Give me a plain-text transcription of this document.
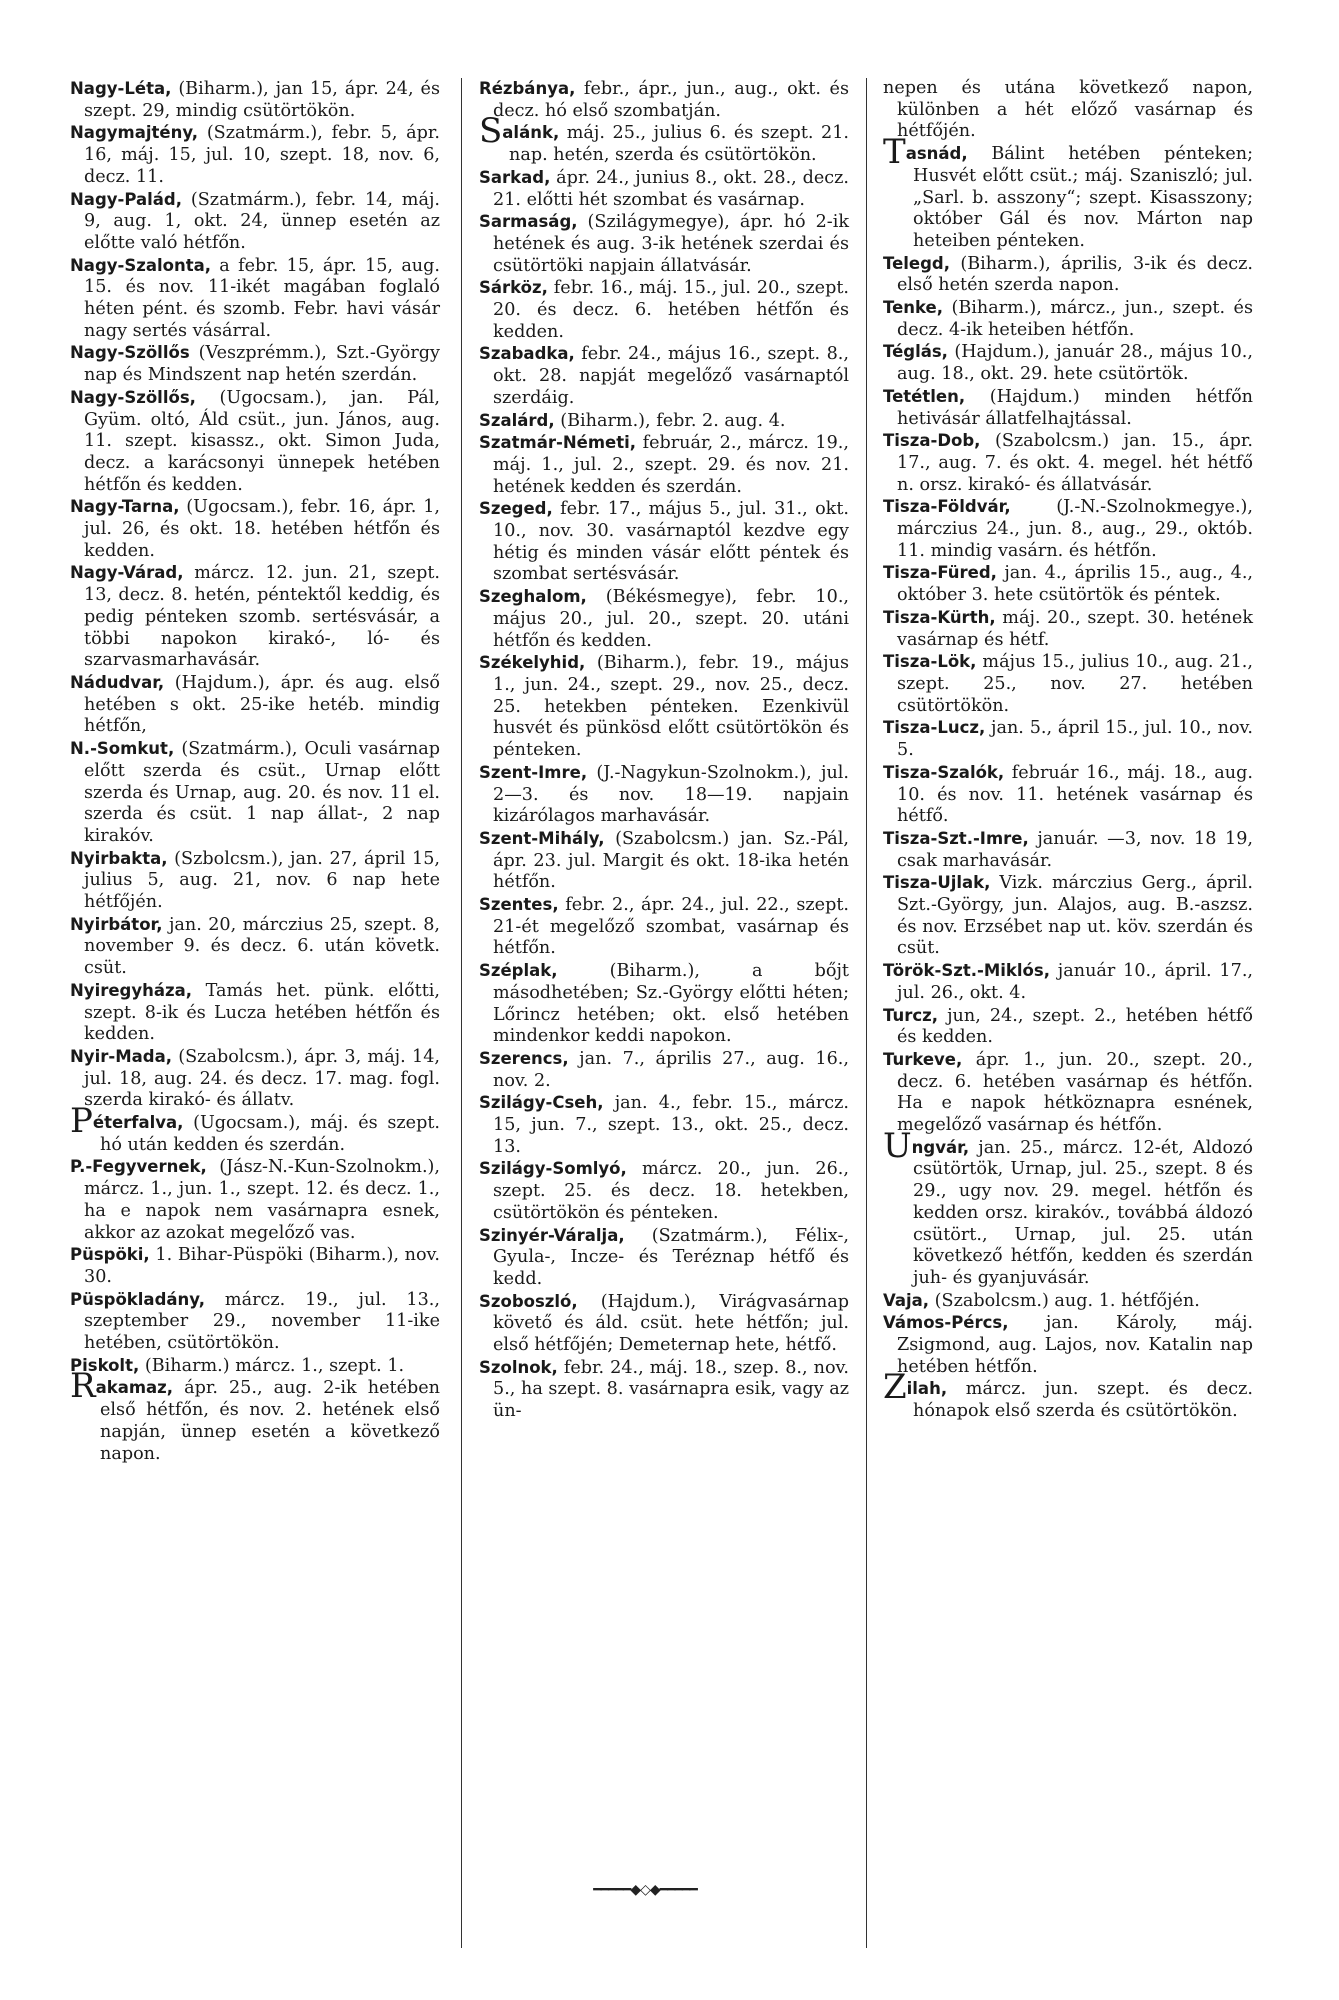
Nagy-Léta, (Biharm.), jan 15, ápr. 24, és szept. 29, mindig csütörtökön.

Nagymajtény, (Szatmárm.), febr. 5, ápr. 16, máj. 15, jul. 10, szept. 18, nov. 6, decz. 11.

Nagy-Palád, (Szatmárm.), febr. 14, máj. 9, aug. 1, okt. 24, ünnep esetén az előtte való hétfőn.

Nagy-Szalonta, a febr. 15, ápr. 15, aug. 15. és nov. 11-ikét magában foglaló héten pént. és szomb. Febr. havi vásár nagy sertés vásárral.

Nagy-Szöllős (Veszprémm.), Szt.-György nap és Mindszent nap hetén szerdán.

Nagy-Szöllős, (Ugocsam.), jan. Pál, Gyüm. oltó, Áld csüt., jun. János, aug. 11. szept. kisassz., okt. Simon Juda, decz. a karácsonyi ünnepek hetében hétfőn és kedden.

Nagy-Tarna, (Ugocsam.), febr. 16, ápr. 1, jul. 26, és okt. 18. hetében hétfőn és kedden.

Nagy-Várad, márcz. 12. jun. 21, szept. 13, decz. 8. hetén, péntektől keddig, és pedig pénteken szomb. sertésvásár, a többi napokon kirakó-, ló- és szarvasmarhavásár.

Nádudvar, (Hajdum.), ápr. és aug. első hetében s okt. 25-ike hetéb. mindig hétfőn,

N.-Somkut, (Szatmárm.), Oculi vasárnap előtt szerda és csüt., Urnap előtt szerda és Urnap, aug. 20. és nov. 11 el. szerda és csüt. 1 nap állat-, 2 nap kirakóv.

Nyirbakta, (Szbolcsm.), jan. 27, ápril 15, julius 5, aug. 21, nov. 6 nap hete hétfőjén.

Nyirbátor, jan. 20, márczius 25, szept. 8, november 9. és decz. 6. után követk. csüt.

Nyiregyháza, Tamás het. pünk. előtti, szept. 8-ik és Lucza hetében hétfőn és kedden.

Nyir-Mada, (Szabolcsm.), ápr. 3, máj. 14, jul. 18, aug. 24. és decz. 17. mag. fogl. szerda kirakó- és állatv.

Péterfalva, (Ugocsam.), máj. és szept. hó után kedden és szerdán.

P.-Fegyvernek, (Jász-N.-Kun-Szolnokm.), márcz. 1., jun. 1., szept. 12. és decz. 1., ha e napok nem vasárnapra esnek, akkor az azokat megelőző vas.

Püspöki, 1. Bihar-Püspöki (Biharm.), nov. 30.

Püspökladány, márcz. 19., jul. 13., szeptember 29., november 11-ike hetében, csütörtökön.

Piskolt, (Biharm.) márcz. 1., szept. 1.

Rakamaz, ápr. 25., aug. 2-ik hetében első hétfőn, és nov. 2. hetének első napján, ünnep esetén a következő napon.

Rézbánya, febr., ápr., jun., aug., okt. és decz. hó első szombatján.

Salánk, máj. 25., julius 6. és szept. 21. nap. hetén, szerda és csütörtökön.

Sarkad, ápr. 24., junius 8., okt. 28., decz. 21. előtti hét szombat és vasárnap.

Sarmaság, (Szilágymegye), ápr. hó 2-ik hetének és aug. 3-ik hetének szerdai és csütörtöki napjain állatvásár.

Sárköz, febr. 16., máj. 15., jul. 20., szept. 20. és decz. 6. hetében hétfőn és kedden.

Szabadka, febr. 24., május 16., szept. 8., okt. 28. napját megelőző vasárnaptól szerdáig.

Szalárd, (Biharm.), febr. 2. aug. 4.

Szatmár-Németi, február, 2., márcz. 19., máj. 1., jul. 2., szept. 29. és nov. 21. hetének kedden és szerdán.

Szeged, febr. 17., május 5., jul. 31., okt. 10., nov. 30. vasárnaptól kezdve egy hétig és minden vásár előtt péntek és szombat sertésvásár.

Szeghalom, (Békésmegye), febr. 10., május 20., jul. 20., szept. 20. utáni hétfőn és kedden.

Székelyhid, (Biharm.), febr. 19., május 1., jun. 24., szept. 29., nov. 25., decz. 25. hetekben pénteken. Ezenkivül husvét és pünkösd előtt csütörtökön és pénteken.

Szent-Imre, (J.-Nagykun-Szolnokm.), jul. 2—3. és nov. 18—19. napjain kizárólagos marhavásár.

Szent-Mihály, (Szabolcsm.) jan. Sz.-Pál, ápr. 23. jul. Margit és okt. 18-ika hetén hétfőn.

Szentes, febr. 2., ápr. 24., jul. 22., szept. 21-ét megelőző szombat, vasárnap és hétfőn.

Széplak, (Biharm.), a bőjt másodhetében; Sz.-György előtti héten; Lőrincz hetében; okt. első hetében mindenkor keddi napokon.

Szerencs, jan. 7., április 27., aug. 16., nov. 2.

Szilágy-Cseh, jan. 4., febr. 15., márcz. 15, jun. 7., szept. 13., okt. 25., decz. 13.

Szilágy-Somlyó, márcz. 20., jun. 26., szept. 25. és decz. 18. hetekben, csütörtökön és pénteken.

Szinyér-Váralja, (Szatmárm.), Félix-, Gyula-, Incze- és Teréznap hétfő és kedd.

Szoboszló, (Hajdum.), Virágvasárnap követő és áld. csüt. hete hétfőn; jul. első hétfőjén; Demeternap hete, hétfő.

Szolnok, febr. 24., máj. 18., szep. 8., nov. 5., ha szept. 8. vasárnapra esik, vagy az ün-

nepen és utána következő napon, különben a hét előző vasárnap és hétfőjén.

Tasnád, Bálint hetében pénteken; Husvét előtt csüt.; máj. Szaniszló; jul. „Sarl. b. asszony“; szept. Kisasszony; október Gál és nov. Márton nap heteiben pénteken.

Telegd, (Biharm.), április, 3-ik és decz. első hetén szerda napon.

Tenke, (Biharm.), márcz., jun., szept. és decz. 4-ik heteiben hétfőn.

Téglás, (Hajdum.), január 28., május 10., aug. 18., okt. 29. hete csütörtök.

Tetétlen, (Hajdum.) minden hétfőn hetivásár állatfelhajtással.

Tisza-Dob, (Szabolcsm.) jan. 15., ápr. 17., aug. 7. és okt. 4. megel. hét hétfő n. orsz. kirakó- és állatvásár.

Tisza-Földvár, (J.-N.-Szolnokmegye.), márczius 24., jun. 8., aug., 29., októb. 11. mindig vasárn. és hétfőn.

Tisza-Füred, jan. 4., április 15., aug., 4., október 3. hete csütörtök és péntek.

Tisza-Kürth, máj. 20., szept. 30. hetének vasárnap és hétf.

Tisza-Lök, május 15., julius 10., aug. 21., szept. 25., nov. 27. hetében csütörtökön.

Tisza-Lucz, jan. 5., ápril 15., jul. 10., nov. 5.

Tisza-Szalók, február 16., máj. 18., aug. 10. és nov. 11. hetének vasárnap és hétfő.

Tisza-Szt.-Imre, január. —3, nov. 18 19, csak marhavásár.

Tisza-Ujlak, Vizk. márczius Gerg., ápril. Szt.-György, jun. Alajos, aug. B.-aszsz. és nov. Erzsébet nap ut. köv. szerdán és csüt.

Török-Szt.-Miklós, január 10., ápril. 17., jul. 26., okt. 4.

Turcz, jun, 24., szept. 2., hetében hétfő és kedden.

Turkeve, ápr. 1., jun. 20., szept. 20., decz. 6. hetében vasárnap és hétfőn. Ha e napok hétköznapra esnének, megelőző vasárnap és hétfőn.

Ungvár, jan. 25., márcz. 12-ét, Aldozó csütörtök, Urnap, jul. 25., szept. 8 és 29., ugy nov. 29. megel. hétfőn és kedden orsz. kirakóv., továbbá áldozó csütört., Urnap, jul. 25. után következő hétfőn, kedden és szerdán juh- és gyanjuvásár.

Vaja, (Szabolcsm.) aug. 1. hétfőjén.

Vámos-Pércs, jan. Károly, máj. Zsigmond, aug. Lajos, nov. Katalin nap hetében hétfőn.

Zilah, márcz. jun. szept. és decz. hónapok első szerda és csütörtökön.

━━━━━◆◇◆━━━━━
